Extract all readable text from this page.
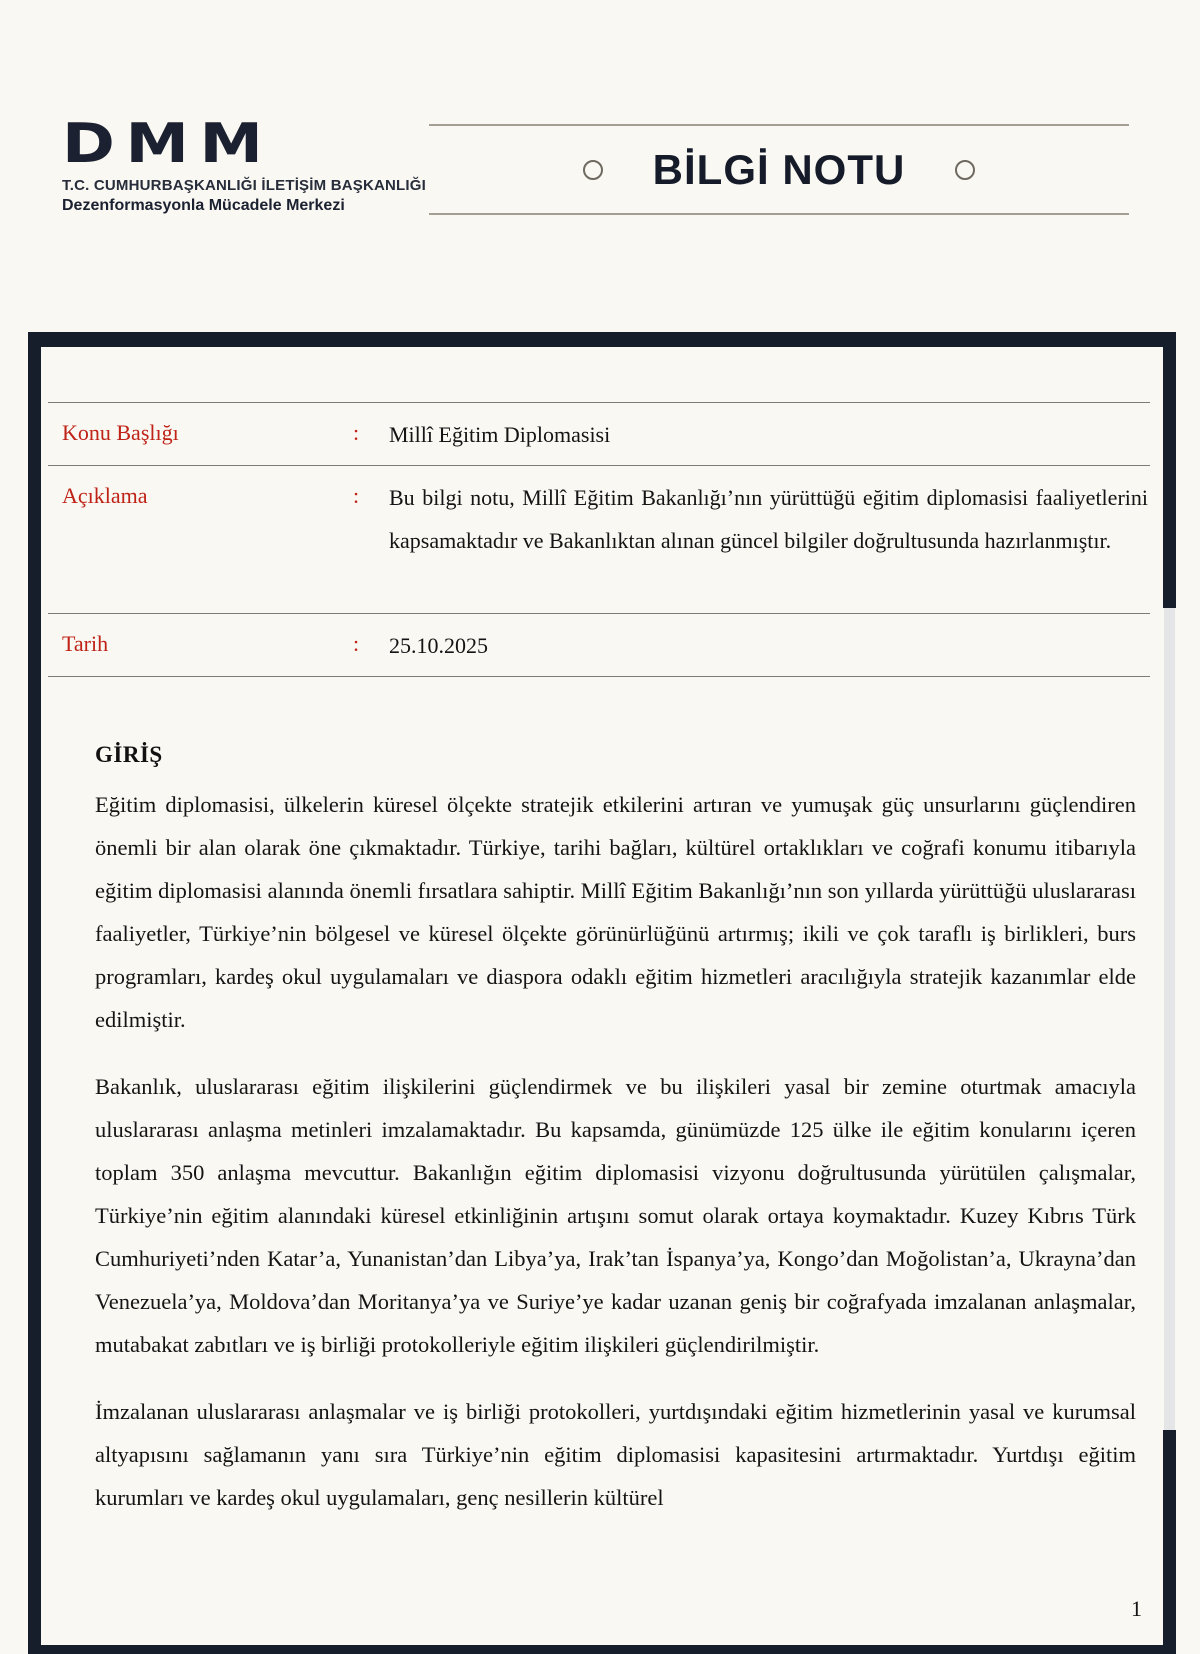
DMM
T.C. CUMHURBAŞKANLIĞI İLETİŞİM BAŞKANLIĞI
Dezenformasyonla Mücadele Merkezi
BİLGİ NOTU
Konu Başlığı	:	Millî Eğitim Diplomasisi
Açıklama	:	Bu bilgi notu, Millî Eğitim Bakanlığı’nın yürüttüğü eğitim diplomasisi faaliyetlerini kapsamaktadır ve Bakanlıktan alınan güncel bilgiler doğrultusunda hazırlanmıştır.
Tarih	:	25.10.2025
GİRİŞ

Eğitim diplomasisi, ülkelerin küresel ölçekte stratejik etkilerini artıran ve yumuşak güç unsurlarını güçlendiren önemli bir alan olarak öne çıkmaktadır. Türkiye, tarihi bağları, kültürel ortaklıkları ve coğrafi konumu itibarıyla eğitim diplomasisi alanında önemli fırsatlara sahiptir. Millî Eğitim Bakanlığı’nın son yıllarda yürüttüğü uluslararası faaliyetler, Türkiye’nin bölgesel ve küresel ölçekte görünürlüğünü artırmış; ikili ve çok taraflı iş birlikleri, burs programları, kardeş okul uygulamaları ve diaspora odaklı eğitim hizmetleri aracılığıyla stratejik kazanımlar elde edilmiştir.

Bakanlık, uluslararası eğitim ilişkilerini güçlendirmek ve bu ilişkileri yasal bir zemine oturtmak amacıyla uluslararası anlaşma metinleri imzalamaktadır. Bu kapsamda, günümüzde 125 ülke ile eğitim konularını içeren toplam 350 anlaşma mevcuttur. Bakanlığın eğitim diplomasisi vizyonu doğrultusunda yürütülen çalışmalar, Türkiye’nin eğitim alanındaki küresel etkinliğinin artışını somut olarak ortaya koymaktadır. Kuzey Kıbrıs Türk Cumhuriyeti’nden Katar’a, Yunanistan’dan Libya’ya, Irak’tan İspanya’ya, Kongo’dan Moğolistan’a, Ukrayna’dan Venezuela’ya, Moldova’dan Moritanya’ya ve Suriye’ye kadar uzanan geniş bir coğrafyada imzalanan anlaşmalar, mutabakat zabıtları ve iş birliği protokolleriyle eğitim ilişkileri güçlendirilmiştir.

İmzalanan uluslararası anlaşmalar ve iş birliği protokolleri, yurtdışındaki eğitim hizmetlerinin yasal ve kurumsal altyapısını sağlamanın yanı sıra Türkiye’nin eğitim diplomasisi kapasitesini artırmaktadır. Yurtdışı eğitim kurumları ve kardeş okul uygulamaları, genç nesillerin kültürel

1
